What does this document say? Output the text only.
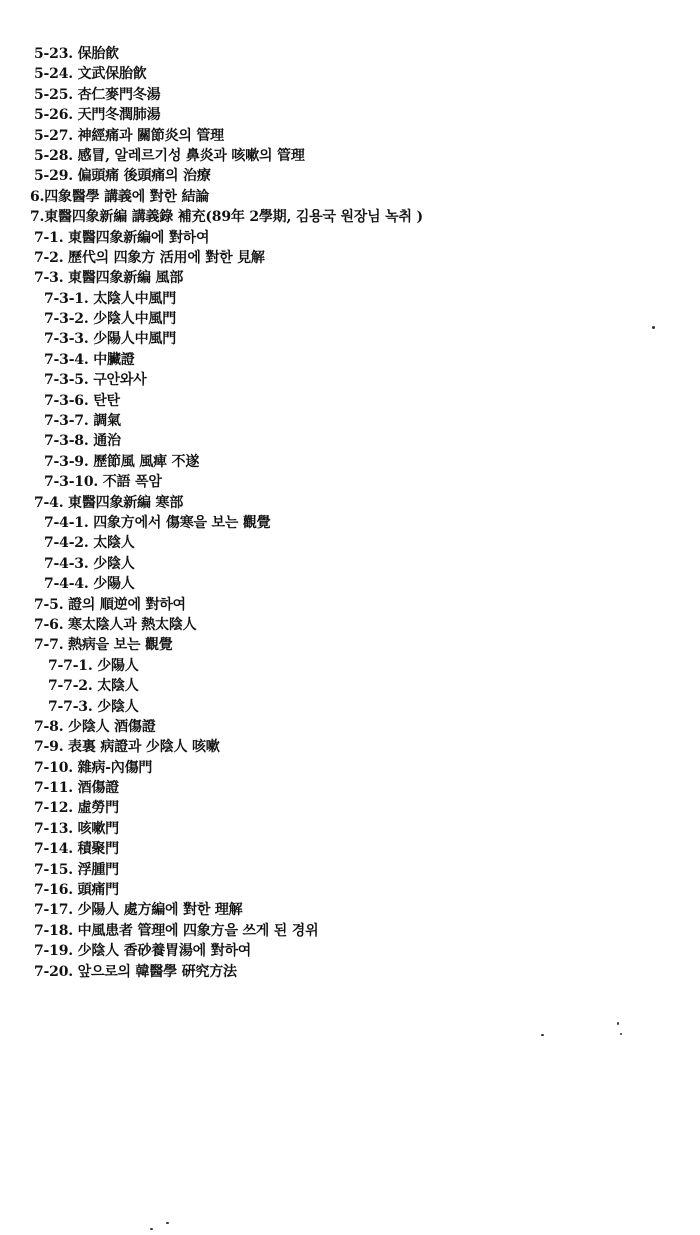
5-23. 保胎飮
5-24. 文武保胎飮
5-25. 杏仁麥門冬湯
5-26. 天門冬潤肺湯
5-27. 神經痛과 關節炎의 管理
5-28. 感冒, 알레르기성 鼻炎과 咳嗽의 管理
5-29. 偏頭痛 後頭痛의 治療
6.四象醫學 講義에 對한 結論
7.東醫四象新編 講義錄 補充(89年 2學期, 김용국 원장님 녹취 )
7-1. 東醫四象新編에 對하여
7-2. 歷代의 四象方 活用에 對한 見解
7-3. 東醫四象新編 風部
7-3-1. 太陰人中風門
7-3-2. 少陰人中風門
7-3-3. 少陽人中風門
7-3-4. 中臟證
7-3-5. 구안와사
7-3-6. 탄탄
7-3-7. 調氣
7-3-8. 通治
7-3-9. 歷節風 風痺 不遂
7-3-10. 不語 폭암
7-4. 東醫四象新編 寒部
7-4-1. 四象方에서 傷寒을 보는 觀覺
7-4-2. 太陰人
7-4-3. 少陰人
7-4-4. 少陽人
7-5. 證의 順逆에 對하여
7-6. 寒太陰人과 熱太陰人
7-7. 熱病을 보는 觀覺
7-7-1. 少陽人
7-7-2. 太陰人
7-7-3. 少陰人
7-8. 少陰人 酒傷證
7-9. 表裏 病證과 少陰人 咳嗽
7-10. 雜病-內傷門
7-11. 酒傷證
7-12. 虛勞門
7-13. 咳嗽門
7-14. 積聚門
7-15. 浮腫門
7-16. 頭痛門
7-17. 少陽人 處方編에 對한 理解
7-18. 中風患者 管理에 四象方을 쓰게 된 경위
7-19. 少陰人 香砂養胃湯에 對하여
7-20. 앞으로의 韓醫學 硏究方法
